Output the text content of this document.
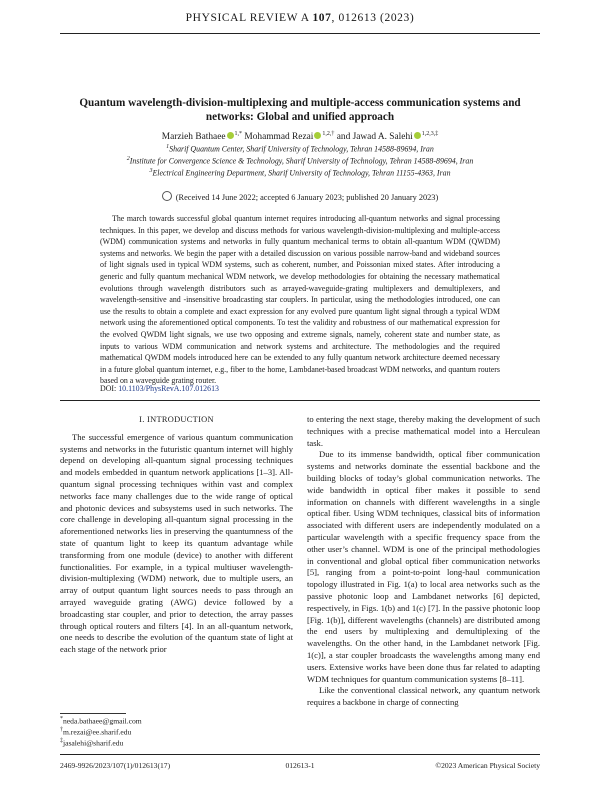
PHYSICAL REVIEW A 107, 012613 (2023)
Quantum wavelength-division-multiplexing and multiple-access communication systems and networks: Global and unified approach
Marzieh Bathaee $^{1,*}$ Mohammad Rezai $^{1,2,\dagger}$ and Jawad A. Salehi $^{1,2,3,\ddagger}$
$^1$Sharif Quantum Center, Sharif University of Technology, Tehran 14588-89694, Iran
$^2$Institute for Convergence Science & Technology, Sharif University of Technology, Tehran 14588-89694, Iran
$^3$Electrical Engineering Department, Sharif University of Technology, Tehran 11155-4363, Iran
(Received 14 June 2022; accepted 6 January 2023; published 20 January 2023)
The march towards successful global quantum internet requires introducing all-quantum networks and signal processing techniques. In this paper, we develop and discuss methods for various wavelength-division-multiplexing and multiple-access (WDM) communication systems and networks in fully quantum mechanical terms to obtain all-quantum WDM (QWDM) systems and networks. We begin the paper with a detailed discussion on various possible narrow-band and wideband sources of light signals used in typical WDM systems, such as coherent, number, and Poissonian mixed states. After introducing a generic and fully quantum mechanical WDM network, we develop methodologies for obtaining the necessary mathematical evolutions through wavelength distributors such as arrayed-waveguide-grating multiplexers and demultiplexers, and wavelength-sensitive and -insensitive broadcasting star couplers. In particular, using the methodologies introduced, one can use the results to obtain a complete and exact expression for any evolved pure quantum light signal through a typical WDM network using the aforementioned optical components. To test the validity and robustness of our mathematical expression for the evolved QWDM light signals, we use two opposing and extreme signals, namely, coherent state and number state, as inputs to various WDM communication and network systems and architecture. The methodologies and the required mathematical QWDM models introduced here can be extended to any fully quantum network architecture deemed necessary in a future global quantum internet, e.g., fiber to the home, Lambdanet-based broadcast WDM networks, and quantum routers based on a waveguide grating router.
DOI: 10.1103/PhysRevA.107.012613

I. INTRODUCTION

The successful emergence of various quantum communication systems and networks in the futuristic quantum internet will highly depend on developing all-quantum signal processing techniques and models embedded in quantum network applications [1–3]. All-quantum signal processing techniques within vast and complex networks face many challenges due to the wide range of optical and photonic devices and subsystems used in such networks. The core challenge in developing all-quantum signal processing in the aforementioned networks lies in preserving the quantumness of the state of quantum light to keep its quantum advantage while transforming from one module (device) to another with different functionalities. For example, in a typical multiuser wavelength-division-multiplexing (WDM) network, due to multiple users, an array of output quantum light sources needs to pass through an arrayed waveguide grating (AWG) device followed by a broadcasting star coupler, and prior to detection, the array passes through optical routers and filters [4]. In an all-quantum network, one needs to describe the evolution of the quantum state of light at each stage of the network prior

to entering the next stage, thereby making the development of such techniques with a precise mathematical model into a Herculean task.

Due to its immense bandwidth, optical fiber communication systems and networks dominate the essential backbone and the building blocks of today’s global communication networks. The wide bandwidth in optical fiber makes it possible to send information on channels with different wavelengths in a single optical fiber. Using WDM techniques, classical bits of information associated with different users are independently modulated on a particular wavelength with a specific frequency space from the other user’s channel. WDM is one of the principal methodologies in conventional and global optical fiber communication networks [5], ranging from a point-to-point long-haul communication topology illustrated in Fig. 1(a) to local area networks such as the passive photonic loop and Lambdanet networks [6] depicted, respectively, in Figs. 1(b) and 1(c) [7]. In the passive photonic loop [Fig. 1(b)], different wavelengths (channels) are distributed among the end users by multiplexing and demultiplexing of the wavelengths. On the other hand, in the Lambdanet network [Fig. 1(c)], a star coupler broadcasts the wavelengths among many end users. Extensive works have been done thus far related to adapting WDM techniques for quantum communication systems [8–11].

Like the conventional classical network, any quantum network requires a backbone in charge of connecting

*neda.bathaee@gmail.com
†m.rezai@ee.sharif.edu
‡jasalehi@sharif.edu
2469-9926/2023/107(1)/012613(17)	012613-1	©2023 American Physical Society
